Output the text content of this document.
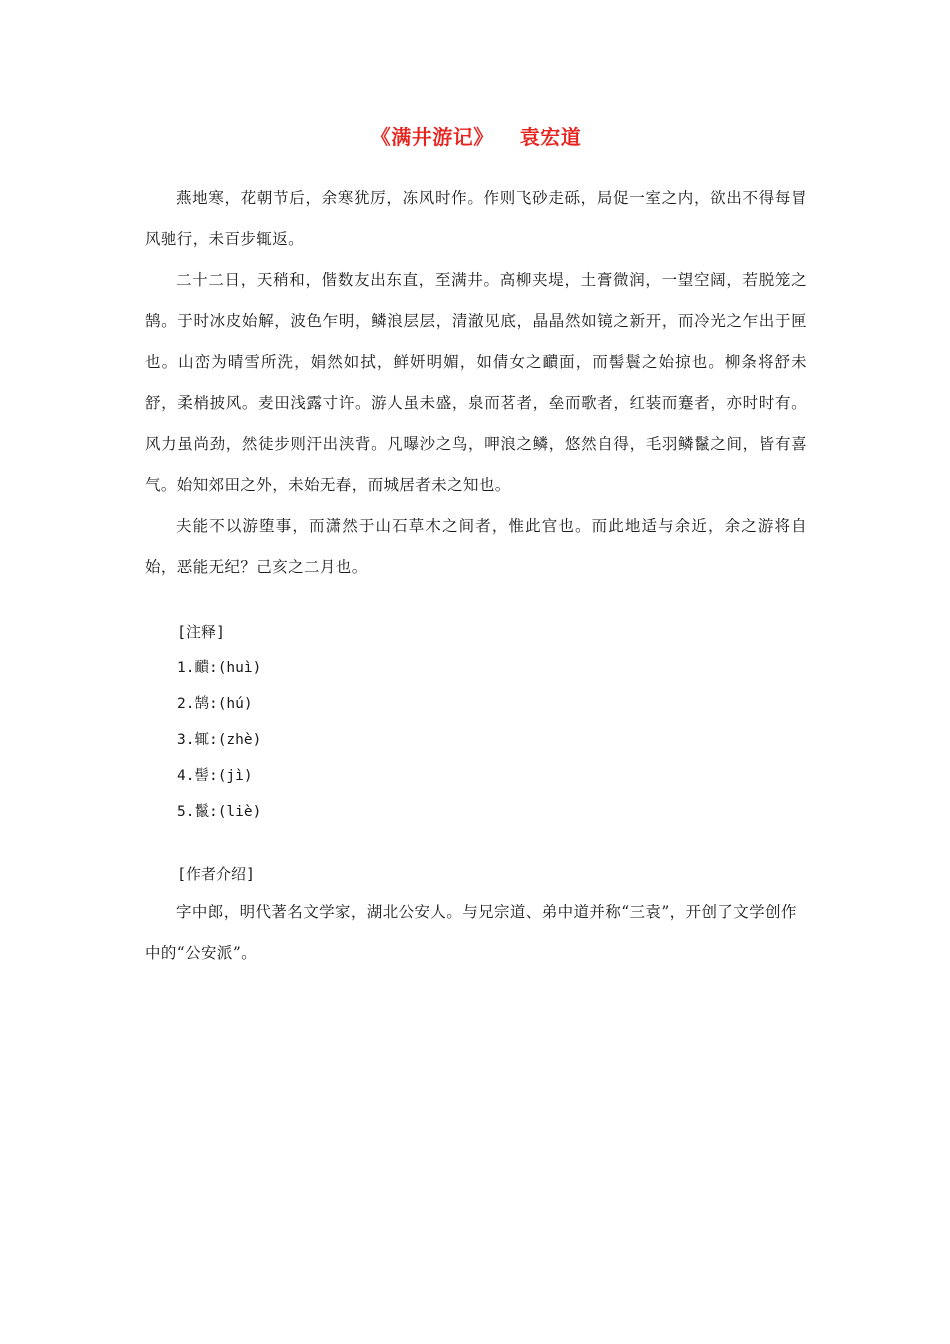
《满井游记》 袁宏道

燕地寒，花朝节后，余寒犹厉，冻风时作。作则飞砂走砾，局促一室之内，欲出不得每冒风驰行，未百步辄返。

二十二日，天稍和，偕数友出东直，至满井。高柳夹堤，土膏微润，一望空阔，若脱笼之鹄。于时冰皮始解，波色乍明，鳞浪层层，清澈见底，晶晶然如镜之新开，而冷光之乍出于匣也。山峦为晴雪所洗，娟然如拭，鲜妍明媚，如倩女之靧面，而髻鬟之始掠也。柳条将舒未舒，柔梢披风。麦田浅露寸许。游人虽未盛，泉而茗者，垒而歌者，红装而蹇者，亦时时有。风力虽尚劲，然徒步则汗出浃背。凡曝沙之鸟，呷浪之鳞，悠然自得，毛羽鳞鬣之间，皆有喜气。始知郊田之外，未始无春，而城居者未之知也。

夫能不以游堕事，而潇然于山石草木之间者，惟此官也。而此地适与余近，余之游将自始，恶能无纪？己亥之二月也。

[注释]

1.靧:(huì)
2.鹄:(hú)
3.辄:(zhè)
4.髻:(jì)
5.鬣:(liè)

[作者介绍]

字中郎，明代著名文学家，湖北公安人。与兄宗道、弟中道并称“三袁”，开创了文学创作中的“公安派”。
